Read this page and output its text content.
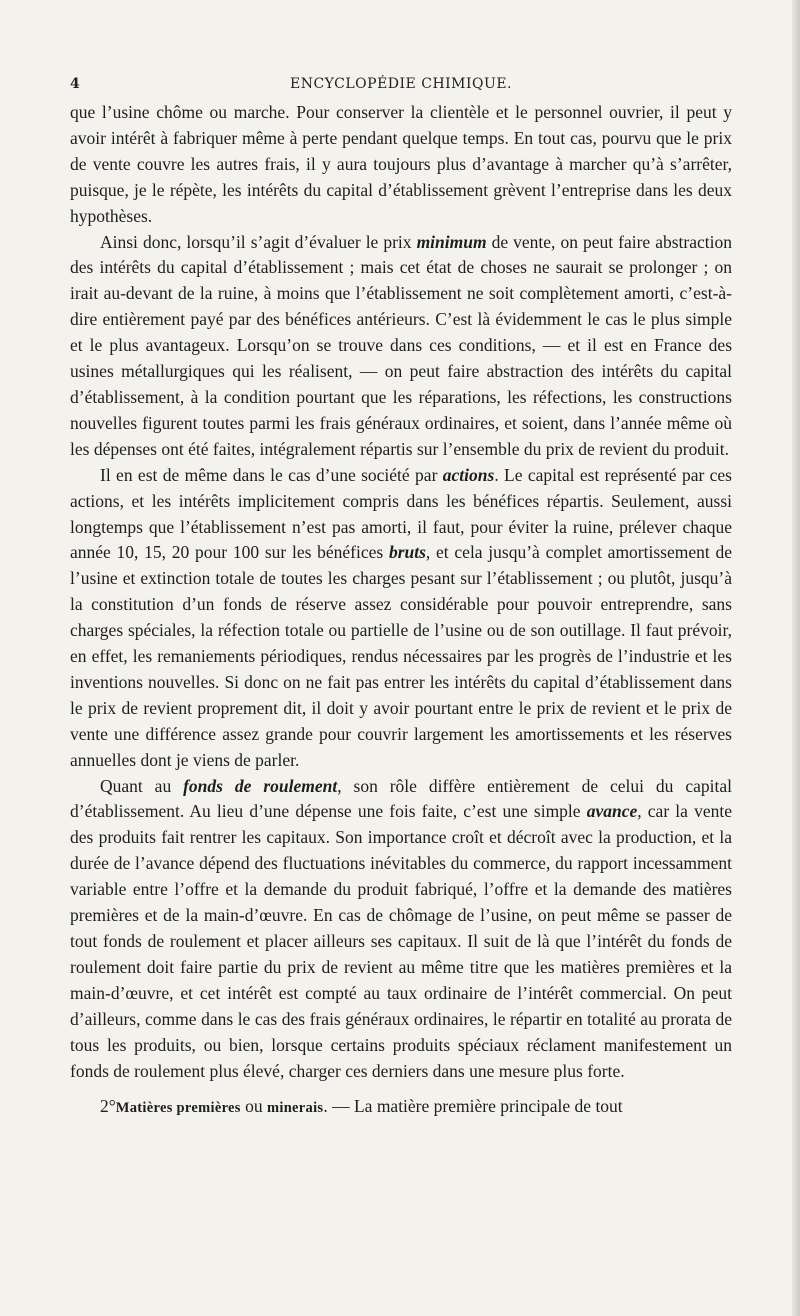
4	ENCYCLOPÉDIE CHIMIQUE.

que l’usine chôme ou marche. Pour conserver la clientèle et le personnel ouvrier, il peut y avoir intérêt à fabriquer même à perte pendant quelque temps. En tout cas, pourvu que le prix de vente couvre les autres frais, il y aura toujours plus d’avantage à marcher qu’à s’arrêter, puisque, je le répète, les intérêts du capital d’établissement grèvent l’entreprise dans les deux hypothèses.

Ainsi donc, lorsqu’il s’agit d’évaluer le prix minimum de vente, on peut faire abstraction des intérêts du capital d’établissement ; mais cet état de choses ne saurait se prolonger ; on irait au-devant de la ruine, à moins que l’établissement ne soit complètement amorti, c’est-à-dire entièrement payé par des bénéfices antérieurs. C’est là évidemment le cas le plus simple et le plus avantageux. Lorsqu’on se trouve dans ces conditions, — et il est en France des usines métallurgiques qui les réalisent, — on peut faire abstraction des intérêts du capital d’établissement, à la condition pourtant que les réparations, les réfections, les constructions nouvelles figurent toutes parmi les frais généraux ordinaires, et soient, dans l’année même où les dépenses ont été faites, intégralement répartis sur l’ensemble du prix de revient du produit.

Il en est de même dans le cas d’une société par actions. Le capital est représenté par ces actions, et les intérêts implicitement compris dans les bénéfices répartis. Seulement, aussi longtemps que l’établissement n’est pas amorti, il faut, pour éviter la ruine, prélever chaque année 10, 15, 20 pour 100 sur les bénéfices bruts, et cela jusqu’à complet amortissement de l’usine et extinction totale de toutes les charges pesant sur l’établissement ; ou plutôt, jusqu’à la constitution d’un fonds de réserve assez considérable pour pouvoir entreprendre, sans charges spéciales, la réfection totale ou partielle de l’usine ou de son outillage. Il faut prévoir, en effet, les remaniements périodiques, rendus nécessaires par les progrès de l’industrie et les inventions nouvelles. Si donc on ne fait pas entrer les intérêts du capital d’établissement dans le prix de revient proprement dit, il doit y avoir pourtant entre le prix de revient et le prix de vente une différence assez grande pour couvrir largement les amortissements et les réserves annuelles dont je viens de parler.

Quant au fonds de roulement, son rôle diffère entièrement de celui du capital d’établissement. Au lieu d’une dépense une fois faite, c’est une simple avance, car la vente des produits fait rentrer les capitaux. Son importance croît et décroît avec la production, et la durée de l’avance dépend des fluctuations inévitables du commerce, du rapport incessamment variable entre l’offre et la demande du produit fabriqué, l’offre et la demande des matières premières et de la main-d’œuvre. En cas de chômage de l’usine, on peut même se passer de tout fonds de roulement et placer ailleurs ses capitaux. Il suit de là que l’intérêt du fonds de roulement doit faire partie du prix de revient au même titre que les matières premières et la main-d’œuvre, et cet intérêt est compté au taux ordinaire de l’intérêt commercial. On peut d’ailleurs, comme dans le cas des frais généraux ordinaires, le répartir en totalité au prorata de tous les produits, ou bien, lorsque certains produits spéciaux réclament manifestement un fonds de roulement plus élevé, charger ces derniers dans une mesure plus forte.

2°Matières premières ou minerais. — La matière première principale de tout
